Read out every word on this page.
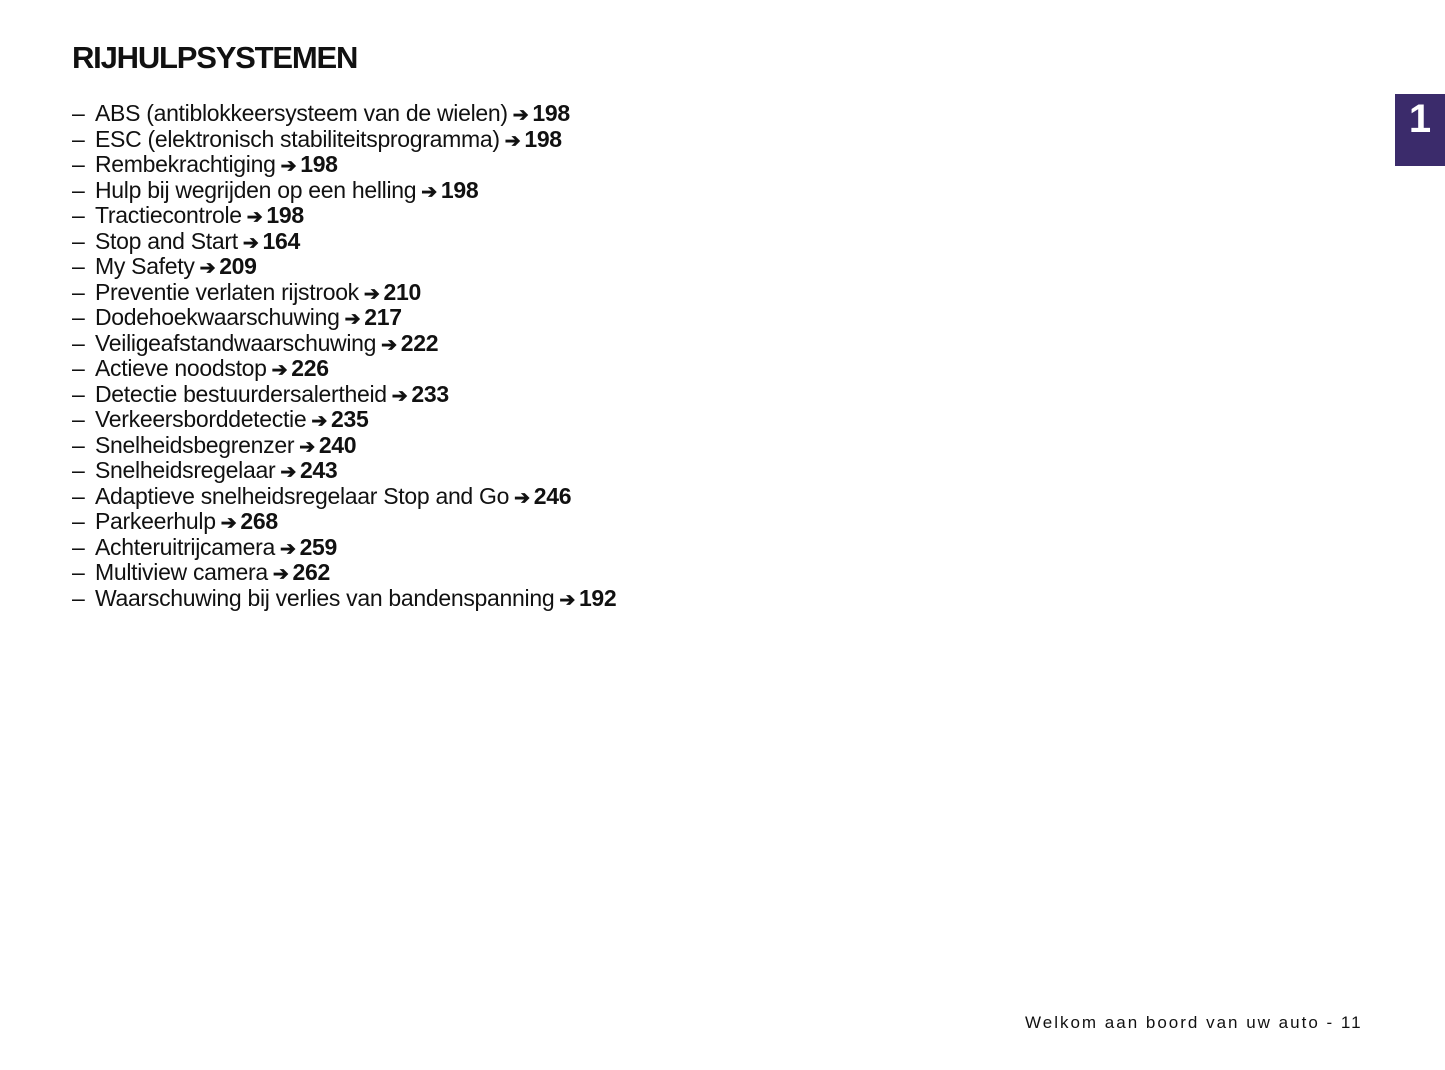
RIJHULPSYSTEMEN
– ABS (antiblokkeersysteem van de wielen) ➔ 198
– ESC (elektronisch stabiliteitsprogramma) ➔ 198
– Rembekrachtiging ➔ 198
– Hulp bij wegrijden op een helling ➔ 198
– Tractiecontrole ➔ 198
– Stop and Start ➔ 164
– My Safety ➔ 209
– Preventie verlaten rijstrook ➔ 210
– Dodehoekwaarschuwing ➔ 217
– Veiligeafstandwaarschuwing ➔ 222
– Actieve noodstop ➔ 226
– Detectie bestuurdersalertheid ➔ 233
– Verkeersborddetectie ➔ 235
– Snelheidsbegrenzer ➔ 240
– Snelheidsregelaar ➔ 243
– Adaptieve snelheidsregelaar Stop and Go ➔ 246
– Parkeerhulp ➔ 268
– Achteruitrijcamera ➔ 259
– Multiview camera ➔ 262
– Waarschuwing bij verlies van bandenspanning ➔ 192
1
Welkom aan boord van uw auto - 11
